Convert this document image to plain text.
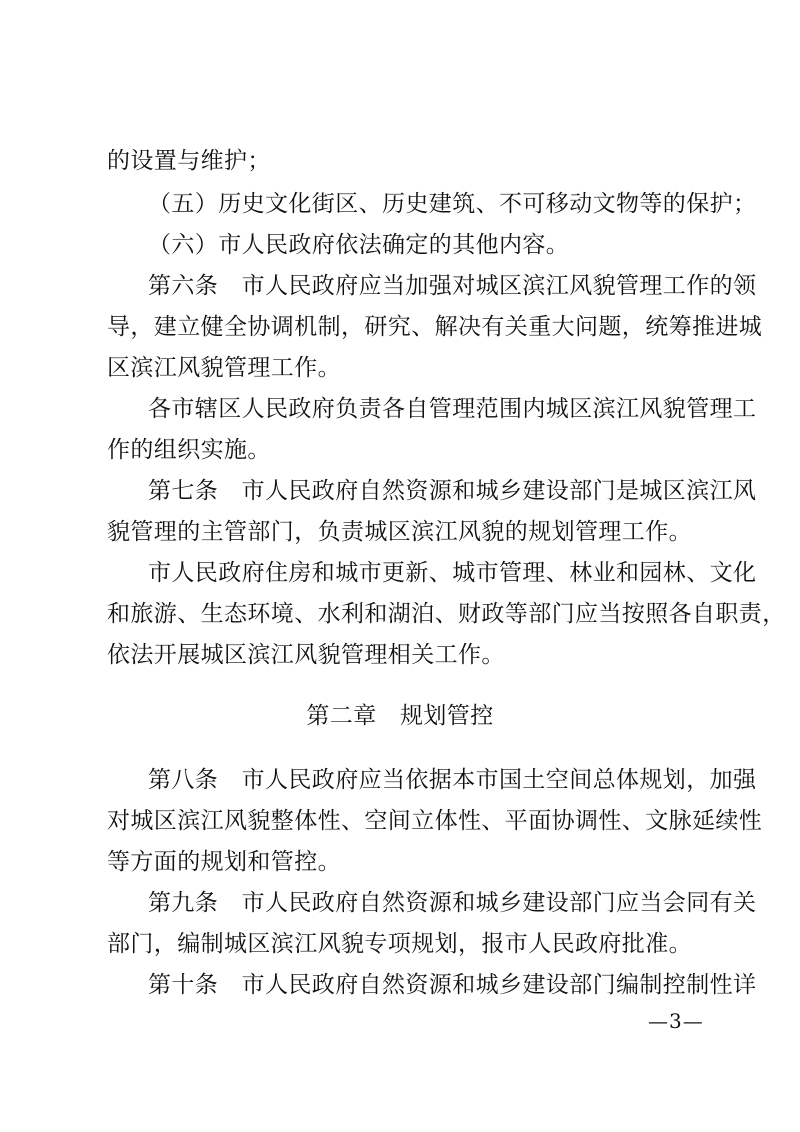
的设置与维护；
（五）历史文化街区、历史建筑、不可移动文物等的保护；
（六）市人民政府依法确定的其他内容。
第六条　市人民政府应当加强对城区滨江风貌管理工作的领
导，建立健全协调机制，研究、解决有关重大问题，统筹推进城
区滨江风貌管理工作。
各市辖区人民政府负责各自管理范围内城区滨江风貌管理工
作的组织实施。
第七条　市人民政府自然资源和城乡建设部门是城区滨江风
貌管理的主管部门，负责城区滨江风貌的规划管理工作。
市人民政府住房和城市更新、城市管理、林业和园林、文化
和旅游、生态环境、水利和湖泊、财政等部门应当按照各自职责，
依法开展城区滨江风貌管理相关工作。
第二章　规划管控
第八条　市人民政府应当依据本市国土空间总体规划，加强
对城区滨江风貌整体性、空间立体性、平面协调性、文脉延续性
等方面的规划和管控。
第九条　市人民政府自然资源和城乡建设部门应当会同有关
部门，编制城区滨江风貌专项规划，报市人民政府批准。
第十条　市人民政府自然资源和城乡建设部门编制控制性详
—3—
